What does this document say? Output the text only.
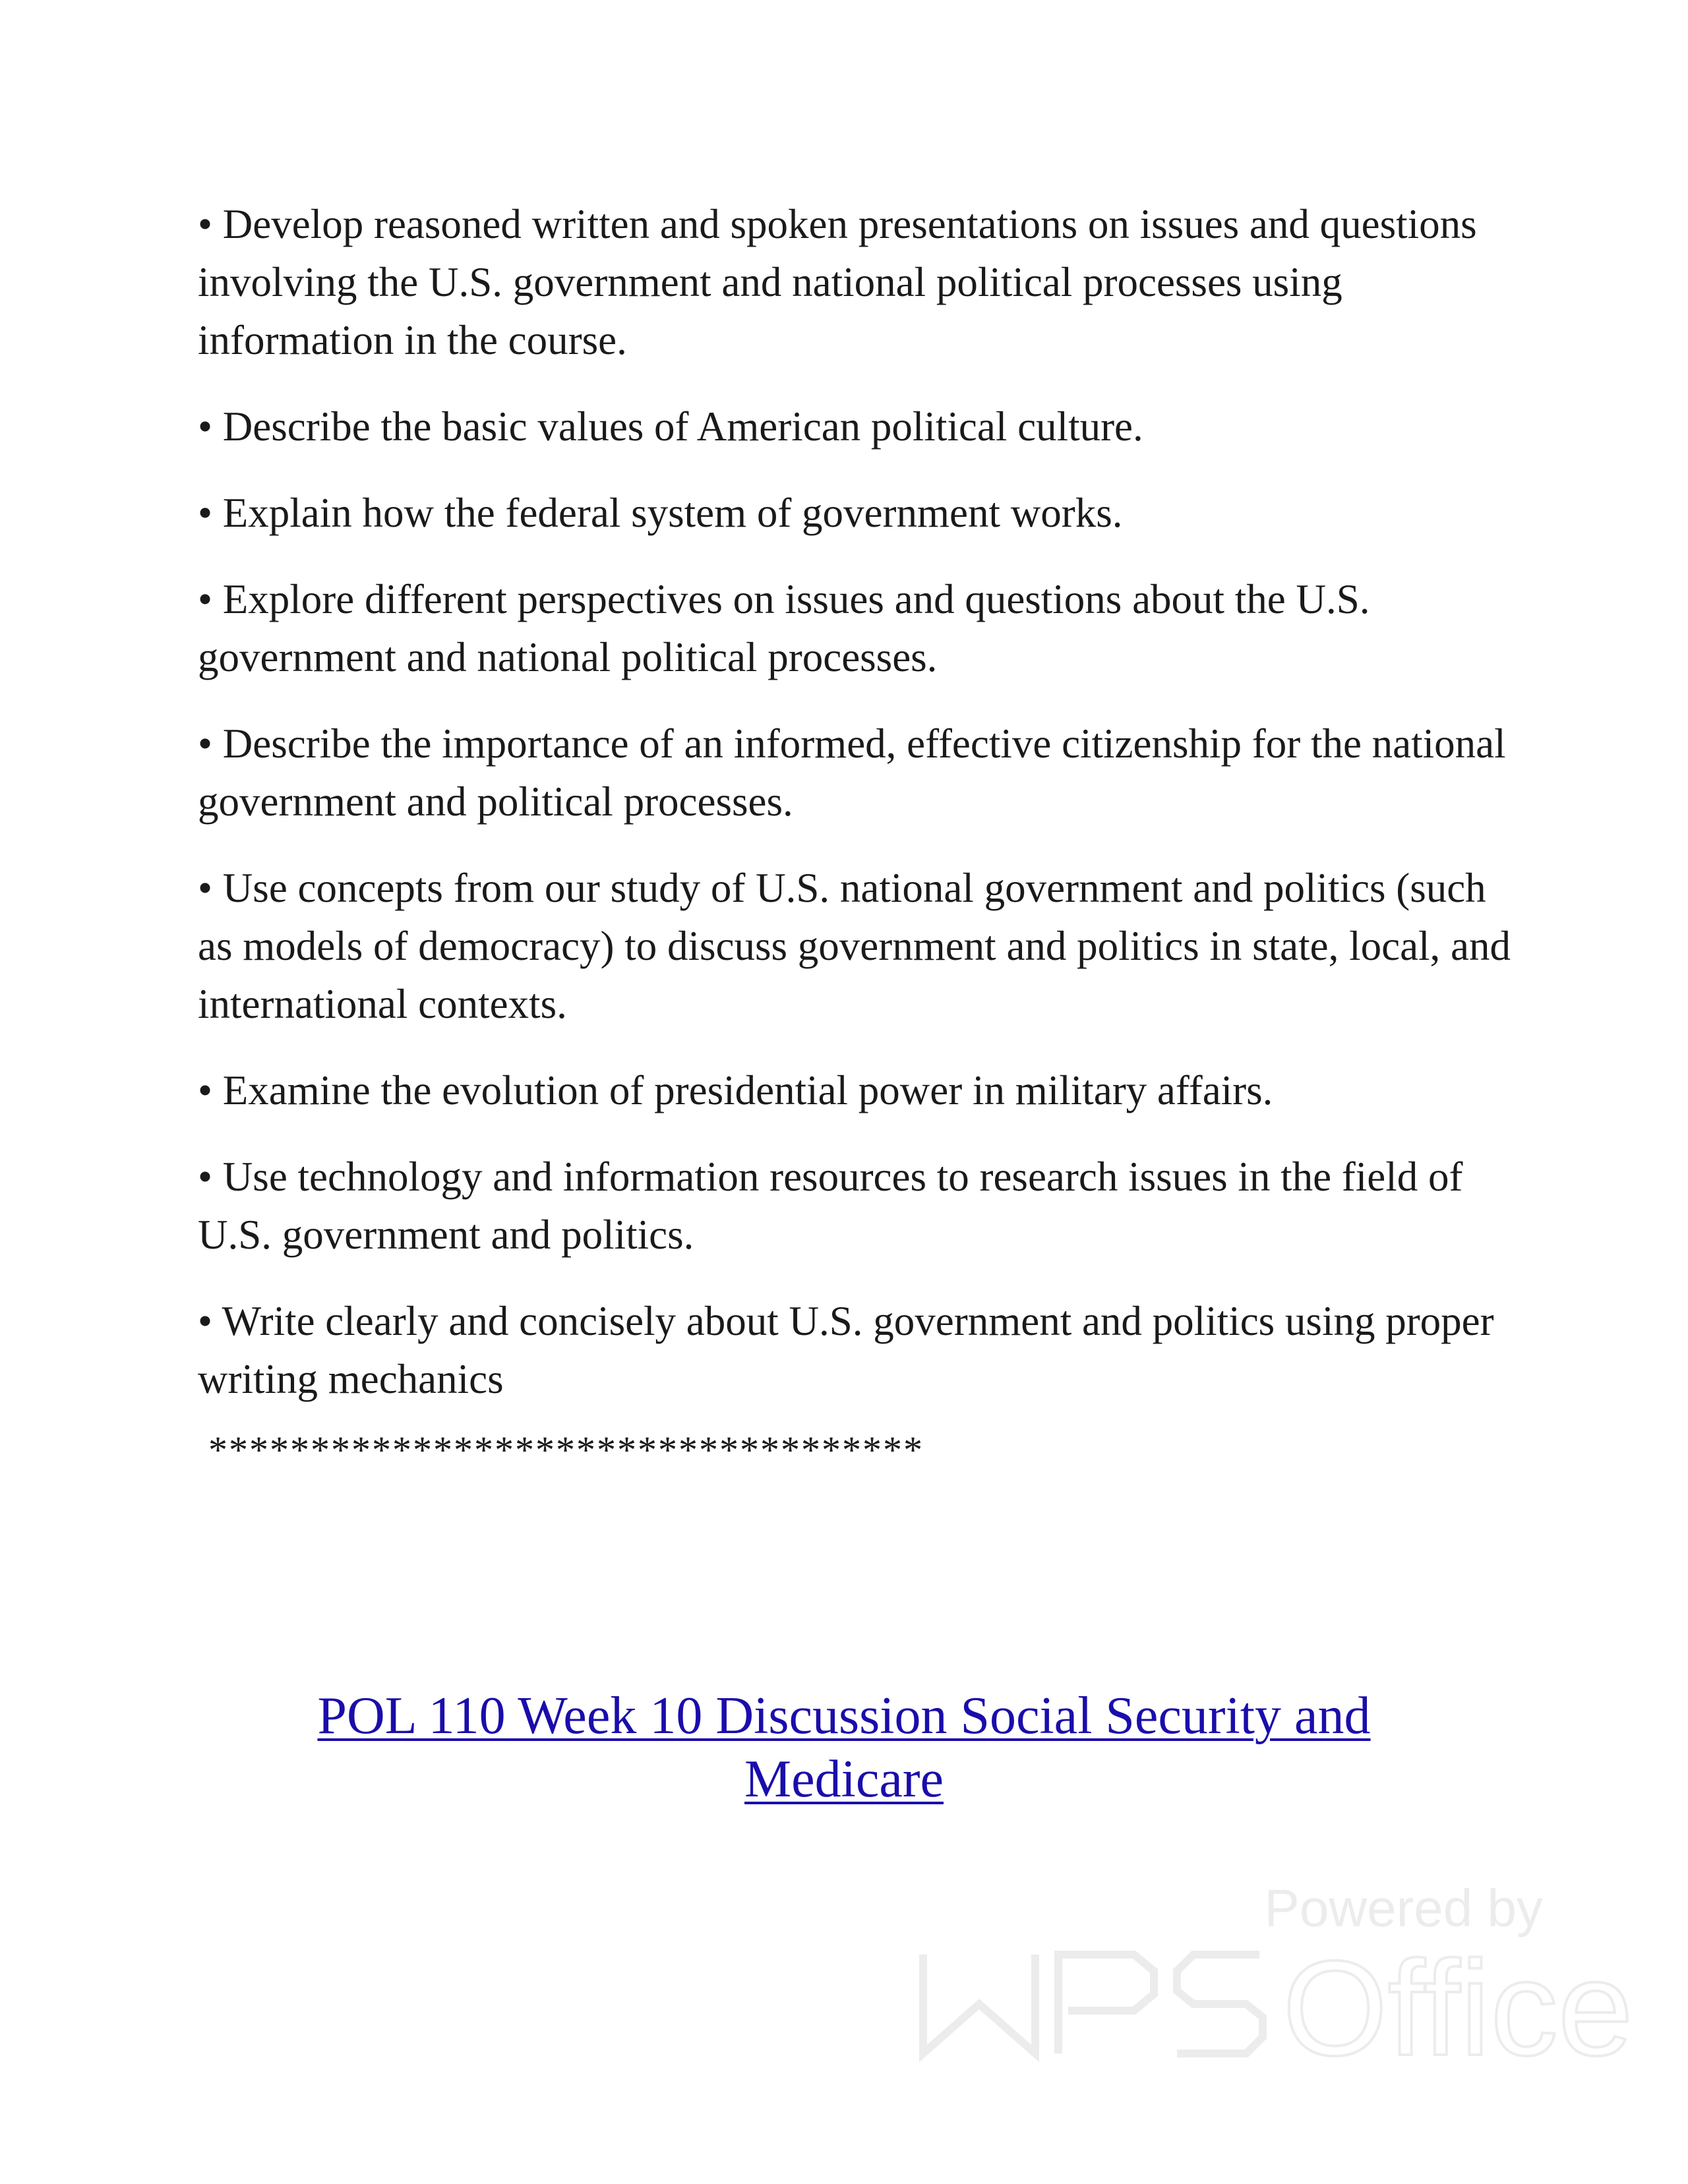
• Develop reasoned written and spoken presentations on issues and questions involving the U.S. government and national political processes using information in the course.
• Describe the basic values of American political culture.
• Explain how the federal system of government works.
• Explore different perspectives on issues and questions about the U.S. government and national political processes.
• Describe the importance of an informed, effective citizenship for the national government and political processes.
• Use concepts from our study of U.S. national government and politics (such as models of democracy) to discuss government and politics in state, local, and international contexts.
• Examine the evolution of presidential power in military affairs.
• Use technology and information resources to research issues in the field of U.S. government and politics.
• Write clearly and concisely about U.S. government and politics using proper writing mechanics
***********************************
POL 110 Week 10 Discussion Social Security and Medicare
Powered by
Office
